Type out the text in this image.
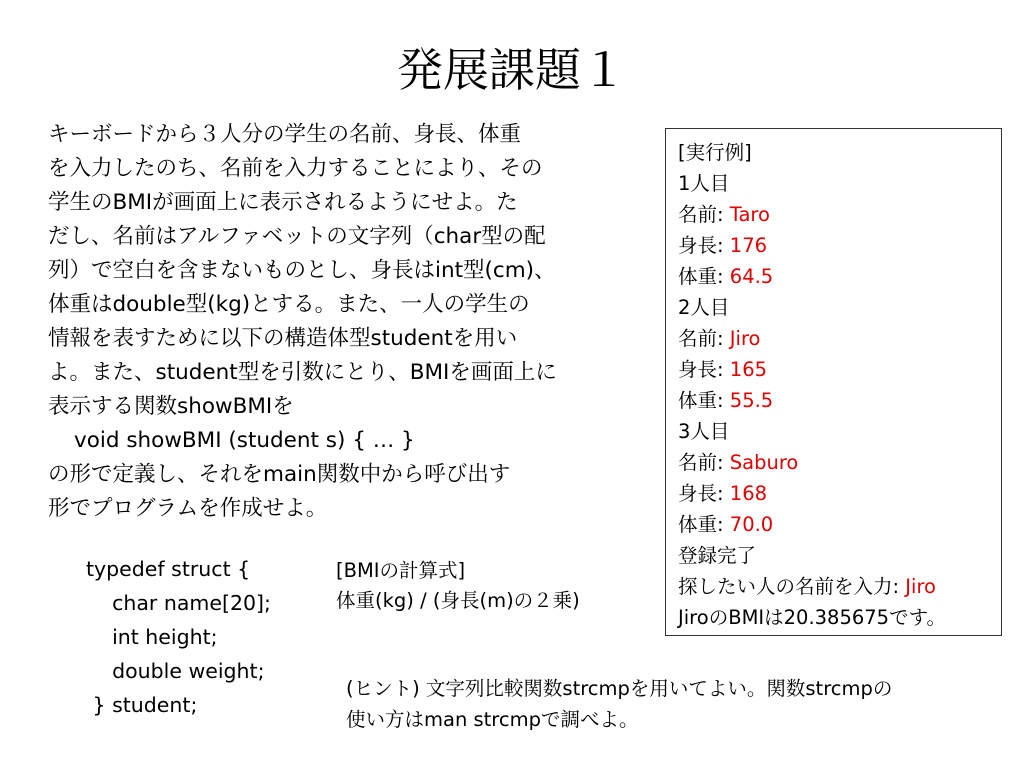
発展課題１

キーボードから３人分の学生の名前、身長、体重

を入力したのち、名前を入力することにより、その

学生のBMIが画面上に表示されるようにせよ。た

だし、名前はアルファベットの文字列（char型の配

列）で空白を含まないものとし、身長はint型(cm)、

体重はdouble型(kg)とする。また、一人の学生の

情報を表すために以下の構造体型studentを用い

よ。また、student型を引数にとり、BMIを画面上に

表示する関数showBMIを

void showBMI (student s) { … }

の形で定義し、それをmain関数中から呼び出す

形でプログラムを作成せよ。

[実行例]
1人目
名前: Taro
身長: 176
体重: 64.5
2人目
名前: Jiro
身長: 165
体重: 55.5
3人目
名前: Saburo
身長: 168
体重: 70.0
登録完了
探したい人の名前を入力: Jiro
JiroのBMIは20.385675です。
typedef struct {
char name[20];
int height;
double weight;
} student;
[BMIの計算式]
体重(kg) / (身長(m)の２乗)
(ヒント) 文字列比較関数strcmpを用いてよい。関数strcmpの
使い方はman strcmpで調べよ。
